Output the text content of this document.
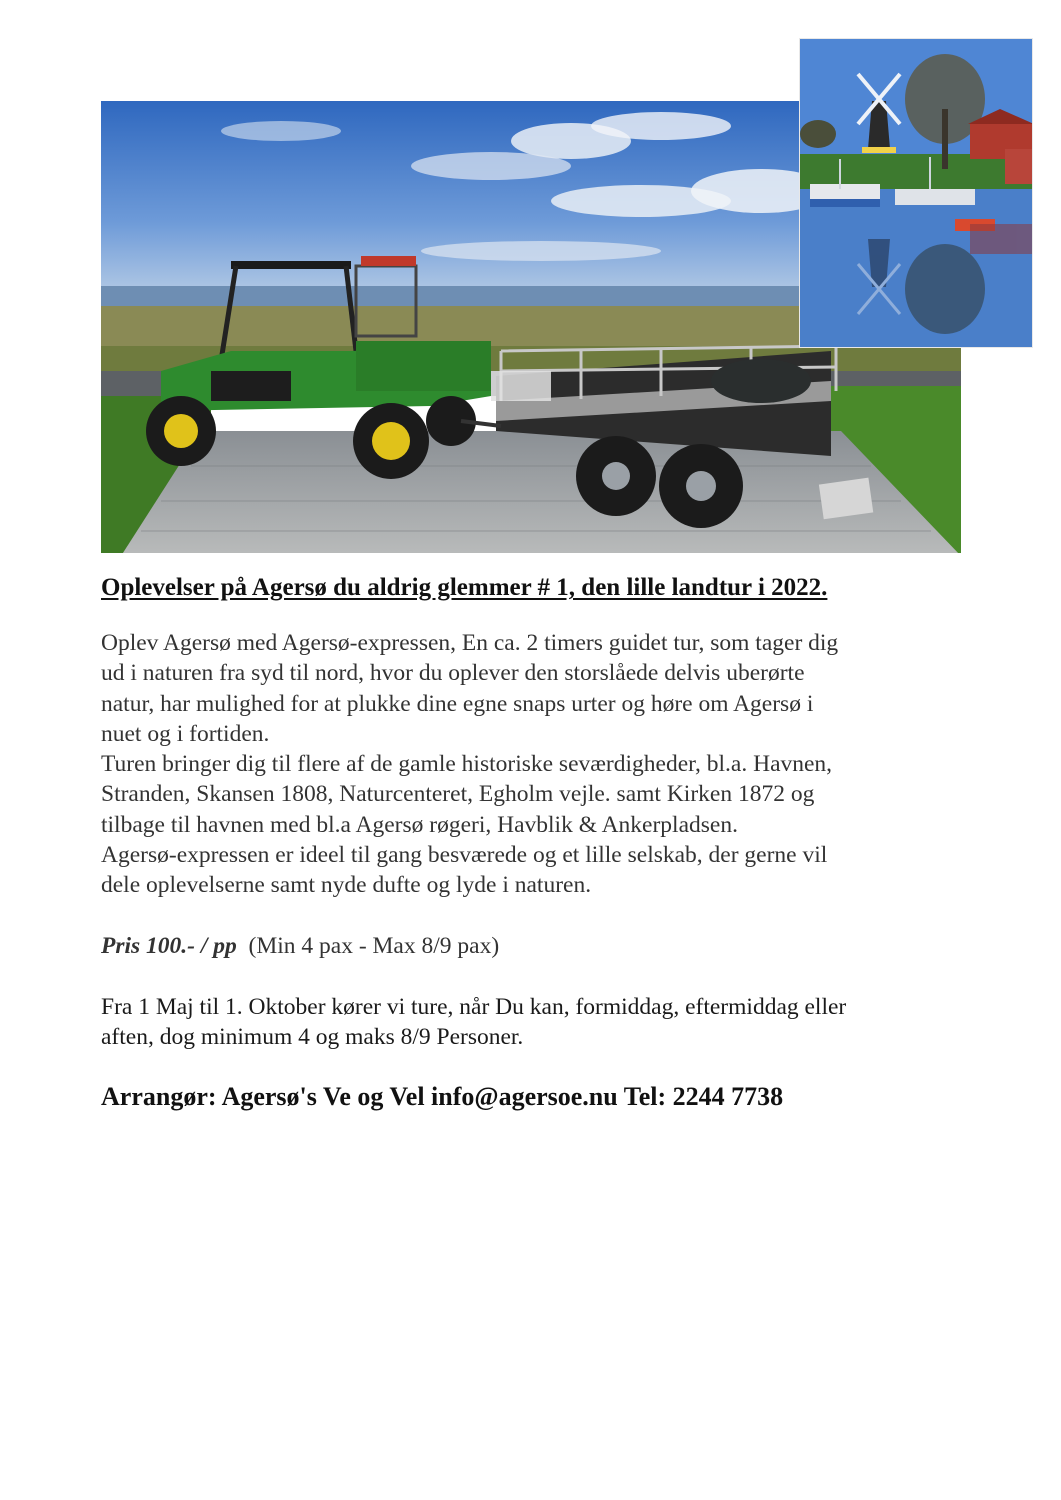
Oplevelser på Agersø du aldrig glemmer # 1, den lille landtur i 2022.

Oplev Agersø med Agersø-expressen, En ca. 2 timers guidet tur, som tager dig

ud i naturen fra syd til nord, hvor du oplever den storslåede delvis uberørte

natur, har mulighed for at plukke dine egne snaps urter og høre om Agersø i

nuet og i fortiden.

Turen bringer dig til flere af de gamle historiske seværdigheder, bl.a. Havnen,

Stranden, Skansen 1808, Naturcenteret, Egholm vejle. samt Kirken 1872 og

tilbage til havnen med bl.a Agersø røgeri, Havblik & Ankerpladsen.

Agersø-expressen er ideel til gang besværede og et lille selskab, der gerne vil

dele oplevelserne samt nyde dufte og lyde i naturen.

Pris 100.- / pp (Min 4 pax - Max 8/9 pax)

Fra 1 Maj til 1. Oktober kører vi ture, når Du kan, formiddag, eftermiddag eller

aften, dog minimum 4 og maks 8/9 Personer.

Arrangør: Agersø's Ve og Vel info@agersoe.nu Tel: 2244 7738
